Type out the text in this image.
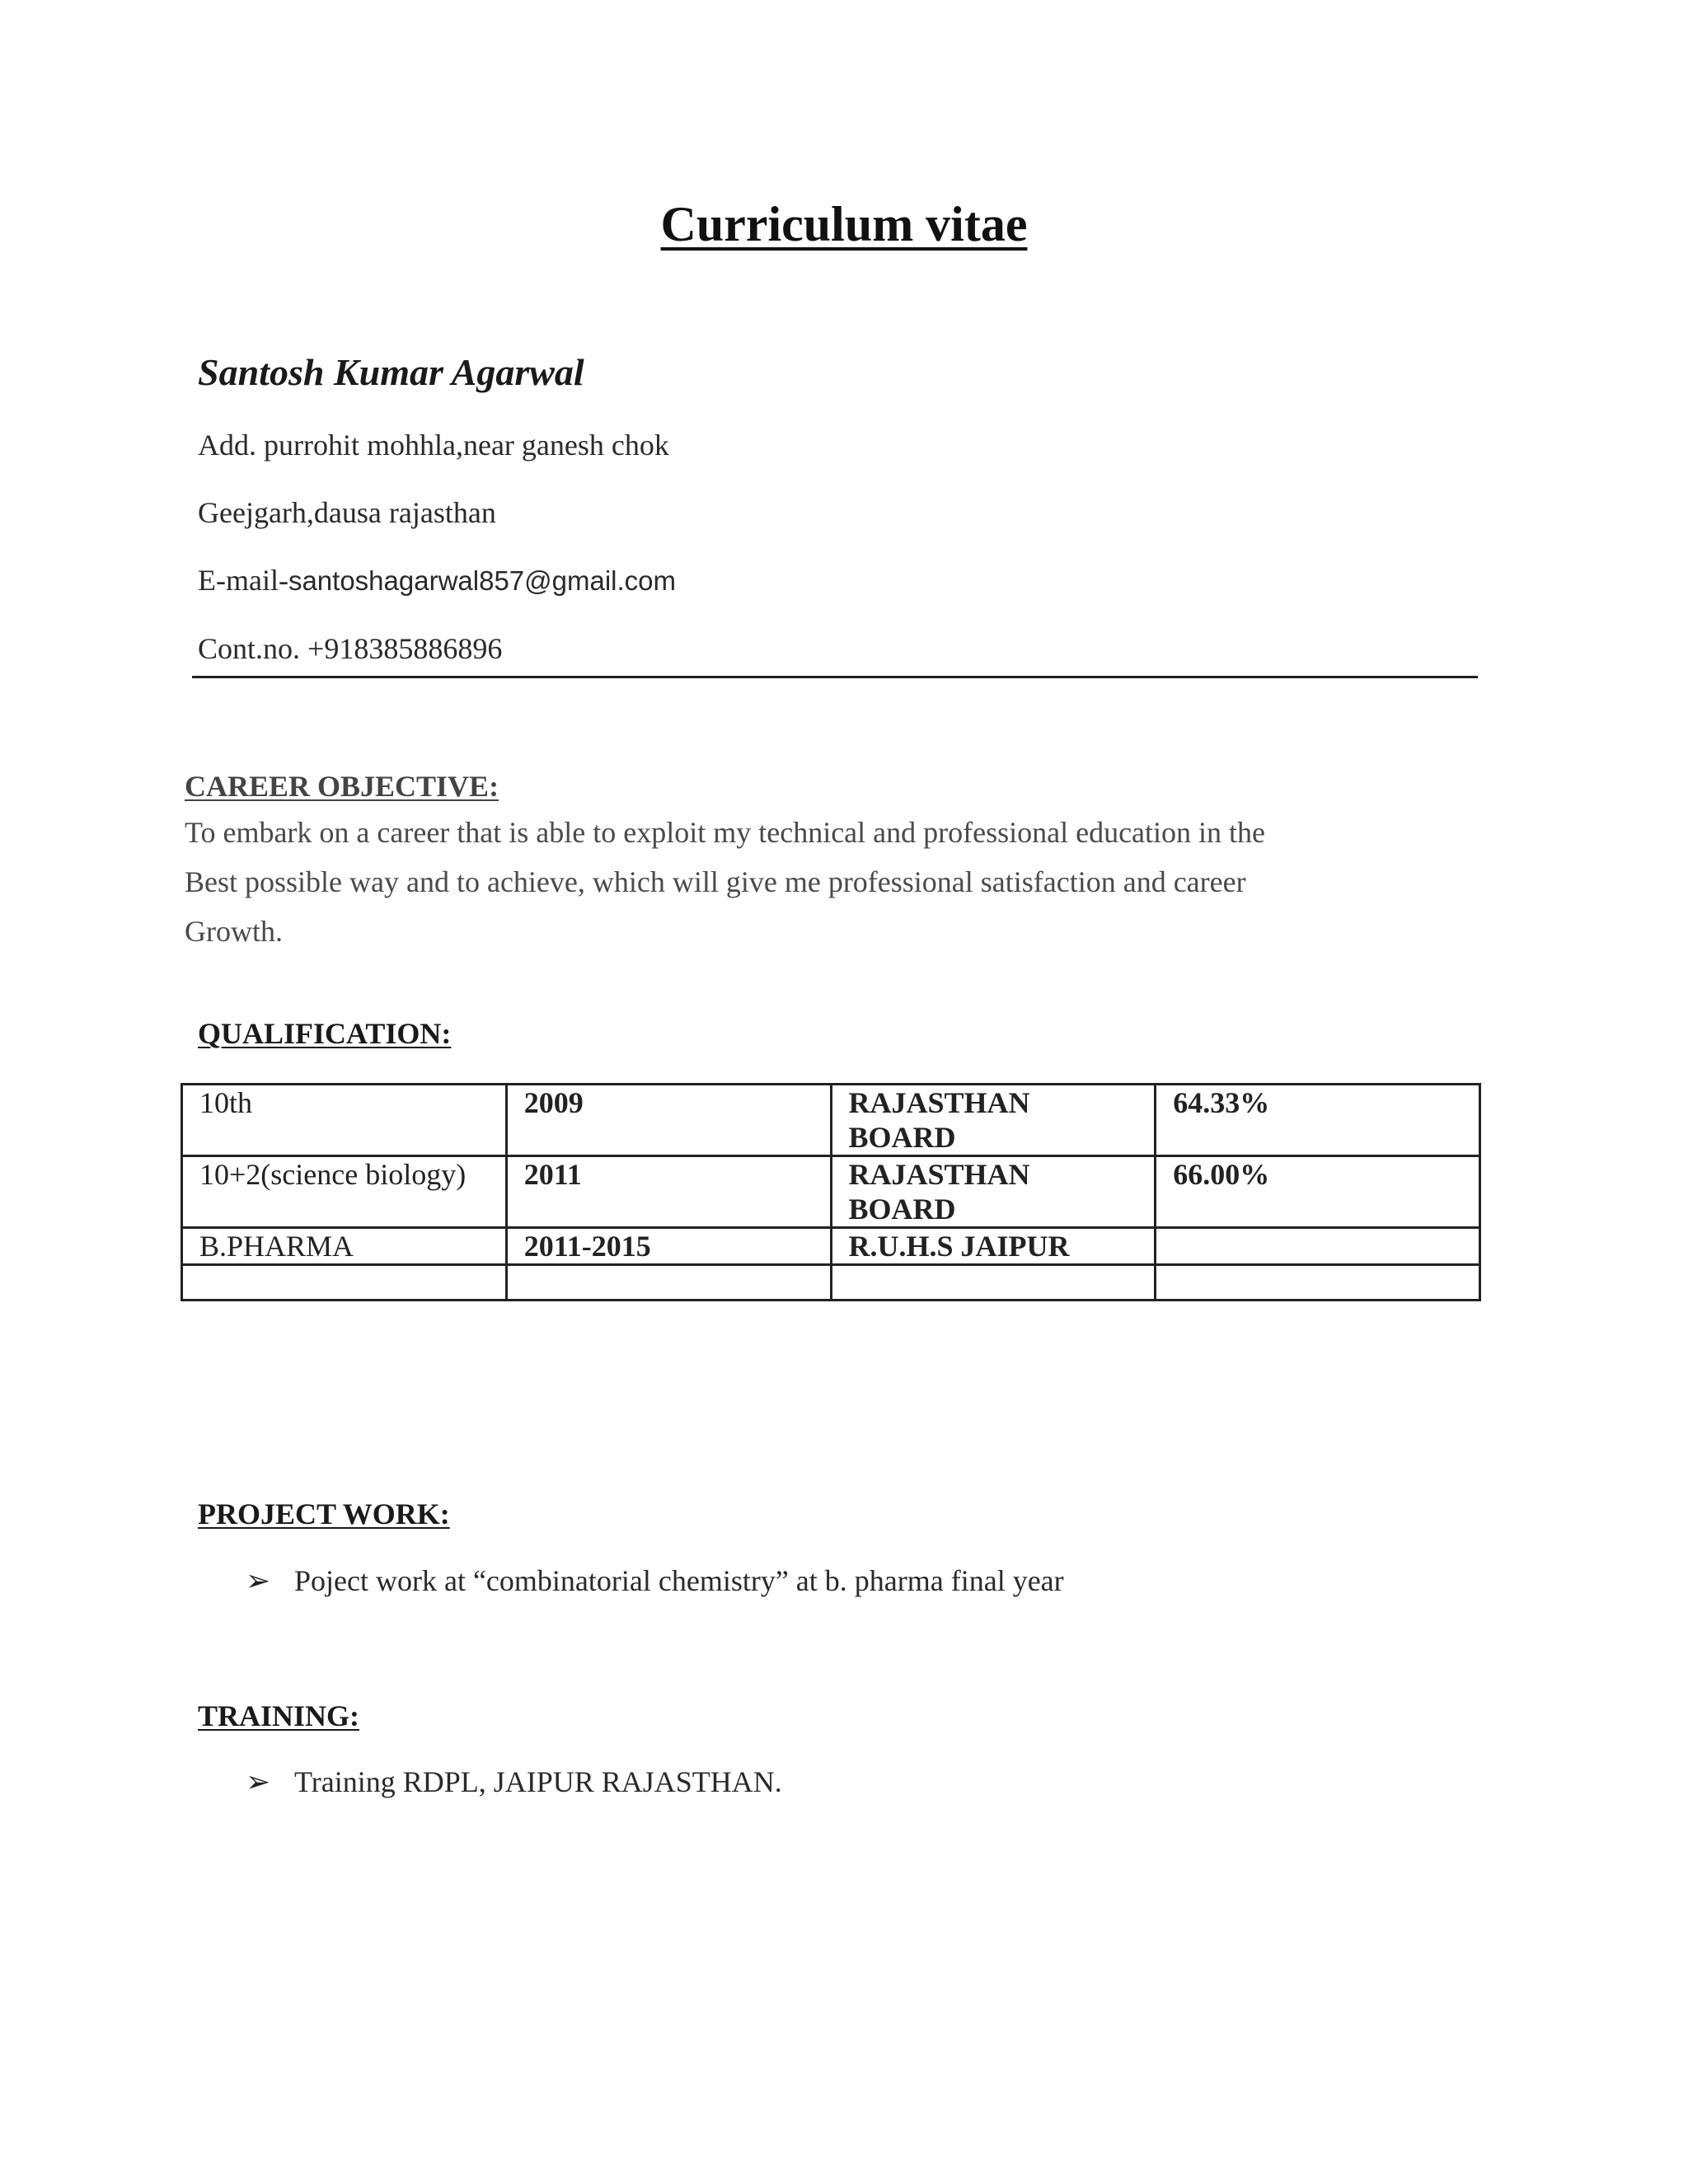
Curriculum vitae

Santosh Kumar Agarwal

Add. purrohit mohhla,near ganesh chok

Geejgarh,dausa rajasthan

E-mail-santoshagarwal857@gmail.com

Cont.no. +918385886896

CAREER OBJECTIVE:

To embark on a career that is able to exploit my technical and professional education in the

Best possible way and to achieve, which will give me professional satisfaction and career

Growth.

QUALIFICATION:

10th	2009	RAJASTHAN BOARD	64.33%
10+2(science biology)	2011	RAJASTHAN BOARD	66.00%
B.PHARMA	2011-2015	R.U.H.S JAIPUR	

PROJECT WORK:

➢ Poject work at “combinatorial chemistry” at b. pharma final year

TRAINING:

➢ Training RDPL, JAIPUR RAJASTHAN.
